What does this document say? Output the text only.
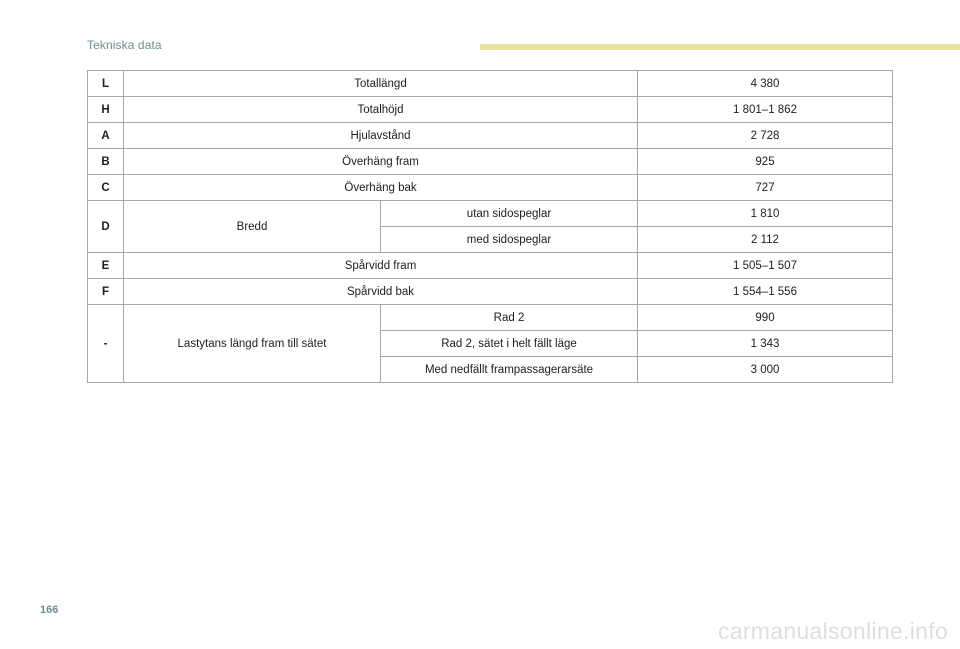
Tekniska data
L	Totallängd		4 380
H	Totalhöjd		1 801–1 862
A	Hjulavstånd		2 728
B	Överhäng fram		925
C	Överhäng bak		727
D	Bredd	utan sidospeglar	1 810
		med sidospeglar	2 112
E	Spårvidd fram		1 505–1 507
F	Spårvidd bak		1 554–1 556
-	Lastytans längd fram till sätet	Rad 2	990
		Rad 2, sätet i helt fällt läge	1 343
		Med nedfällt frampassagerarsäte	3 000
166
carmanualsonline.info
